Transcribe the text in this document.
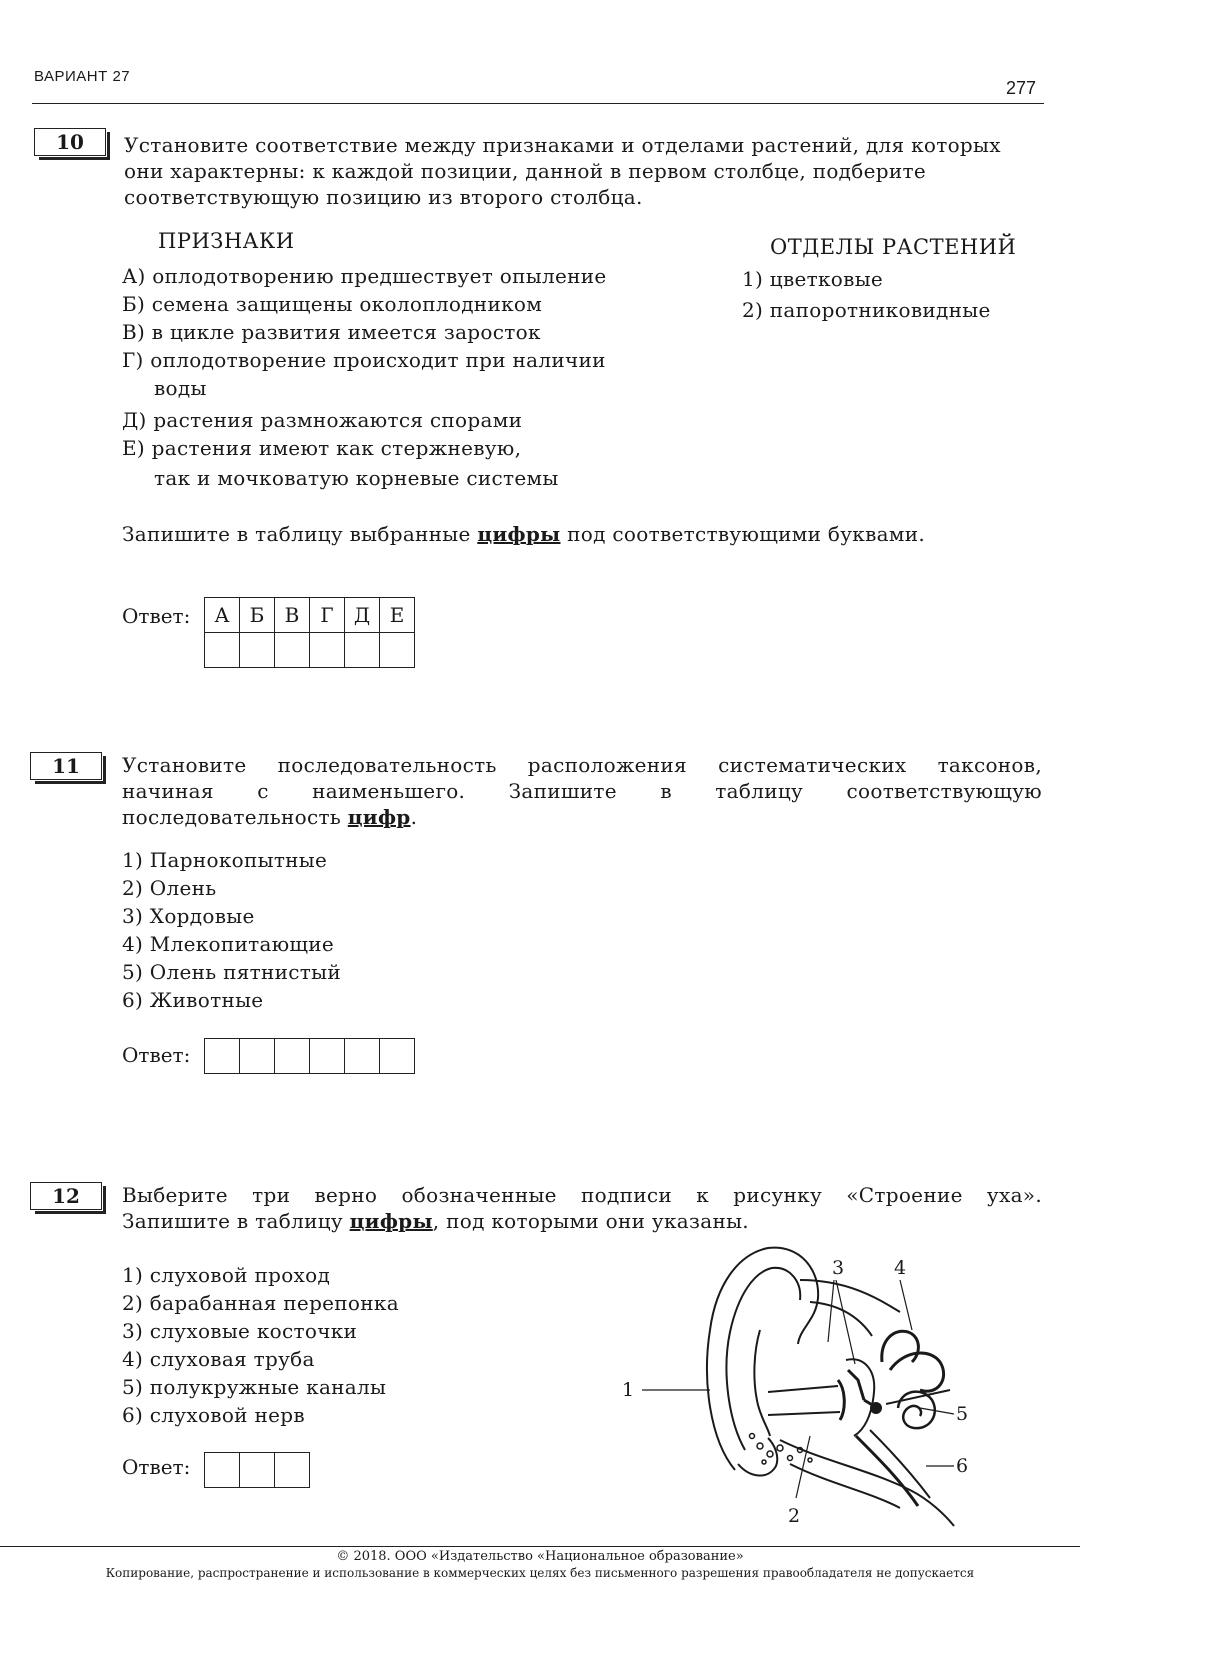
ВАРИАНТ 27
277
10	Установите соответствие между признаками и отделами растений, для которых
они характерны: к каждой позиции, данной в первом столбце, подберите
соответствующую позицию из второго столбца.
ПРИЗНАКИ	ОТДЕЛЫ РАСТЕНИЙ
А) оплодотворению предшествует опыление
Б) семена защищены околоплодником
В) в цикле развития имеется заросток
Г) оплодотворение происходит при наличии
воды
Д) растения размножаются спорами
Е) растения имеют как стержневую,
так и мочковатую корневые системы
1) цветковые
2) папоротниковидные
Запишите в таблицу выбранные цифры под соответствующими буквами.
Ответ: А	Б	В	Г	Д	Е

11	Установите последовательность расположения систематических таксонов,
начиная с наименьшего. Запишите в таблицу соответствующую
последовательность цифр.
1) Парнокопытные
2) Олень
3) Хордовые
4) Млекопитающие
5) Олень пятнистый
6) Животные
Ответ:

12	Выберите три верно обозначенные подписи к рисунку «Строение уха».
Запишите в таблицу цифры, под которыми они указаны.
1) слуховой проход
2) барабанная перепонка
3) слуховые косточки
4) слуховая труба
5) полукружные каналы
6) слуховой нерв
Ответ:

1
2
3	4
5
6
© 2018. ООО «Издательство «Национальное образование»
Копирование, распространение и использование в коммерческих целях без письменного разрешения правообладателя не допускается
